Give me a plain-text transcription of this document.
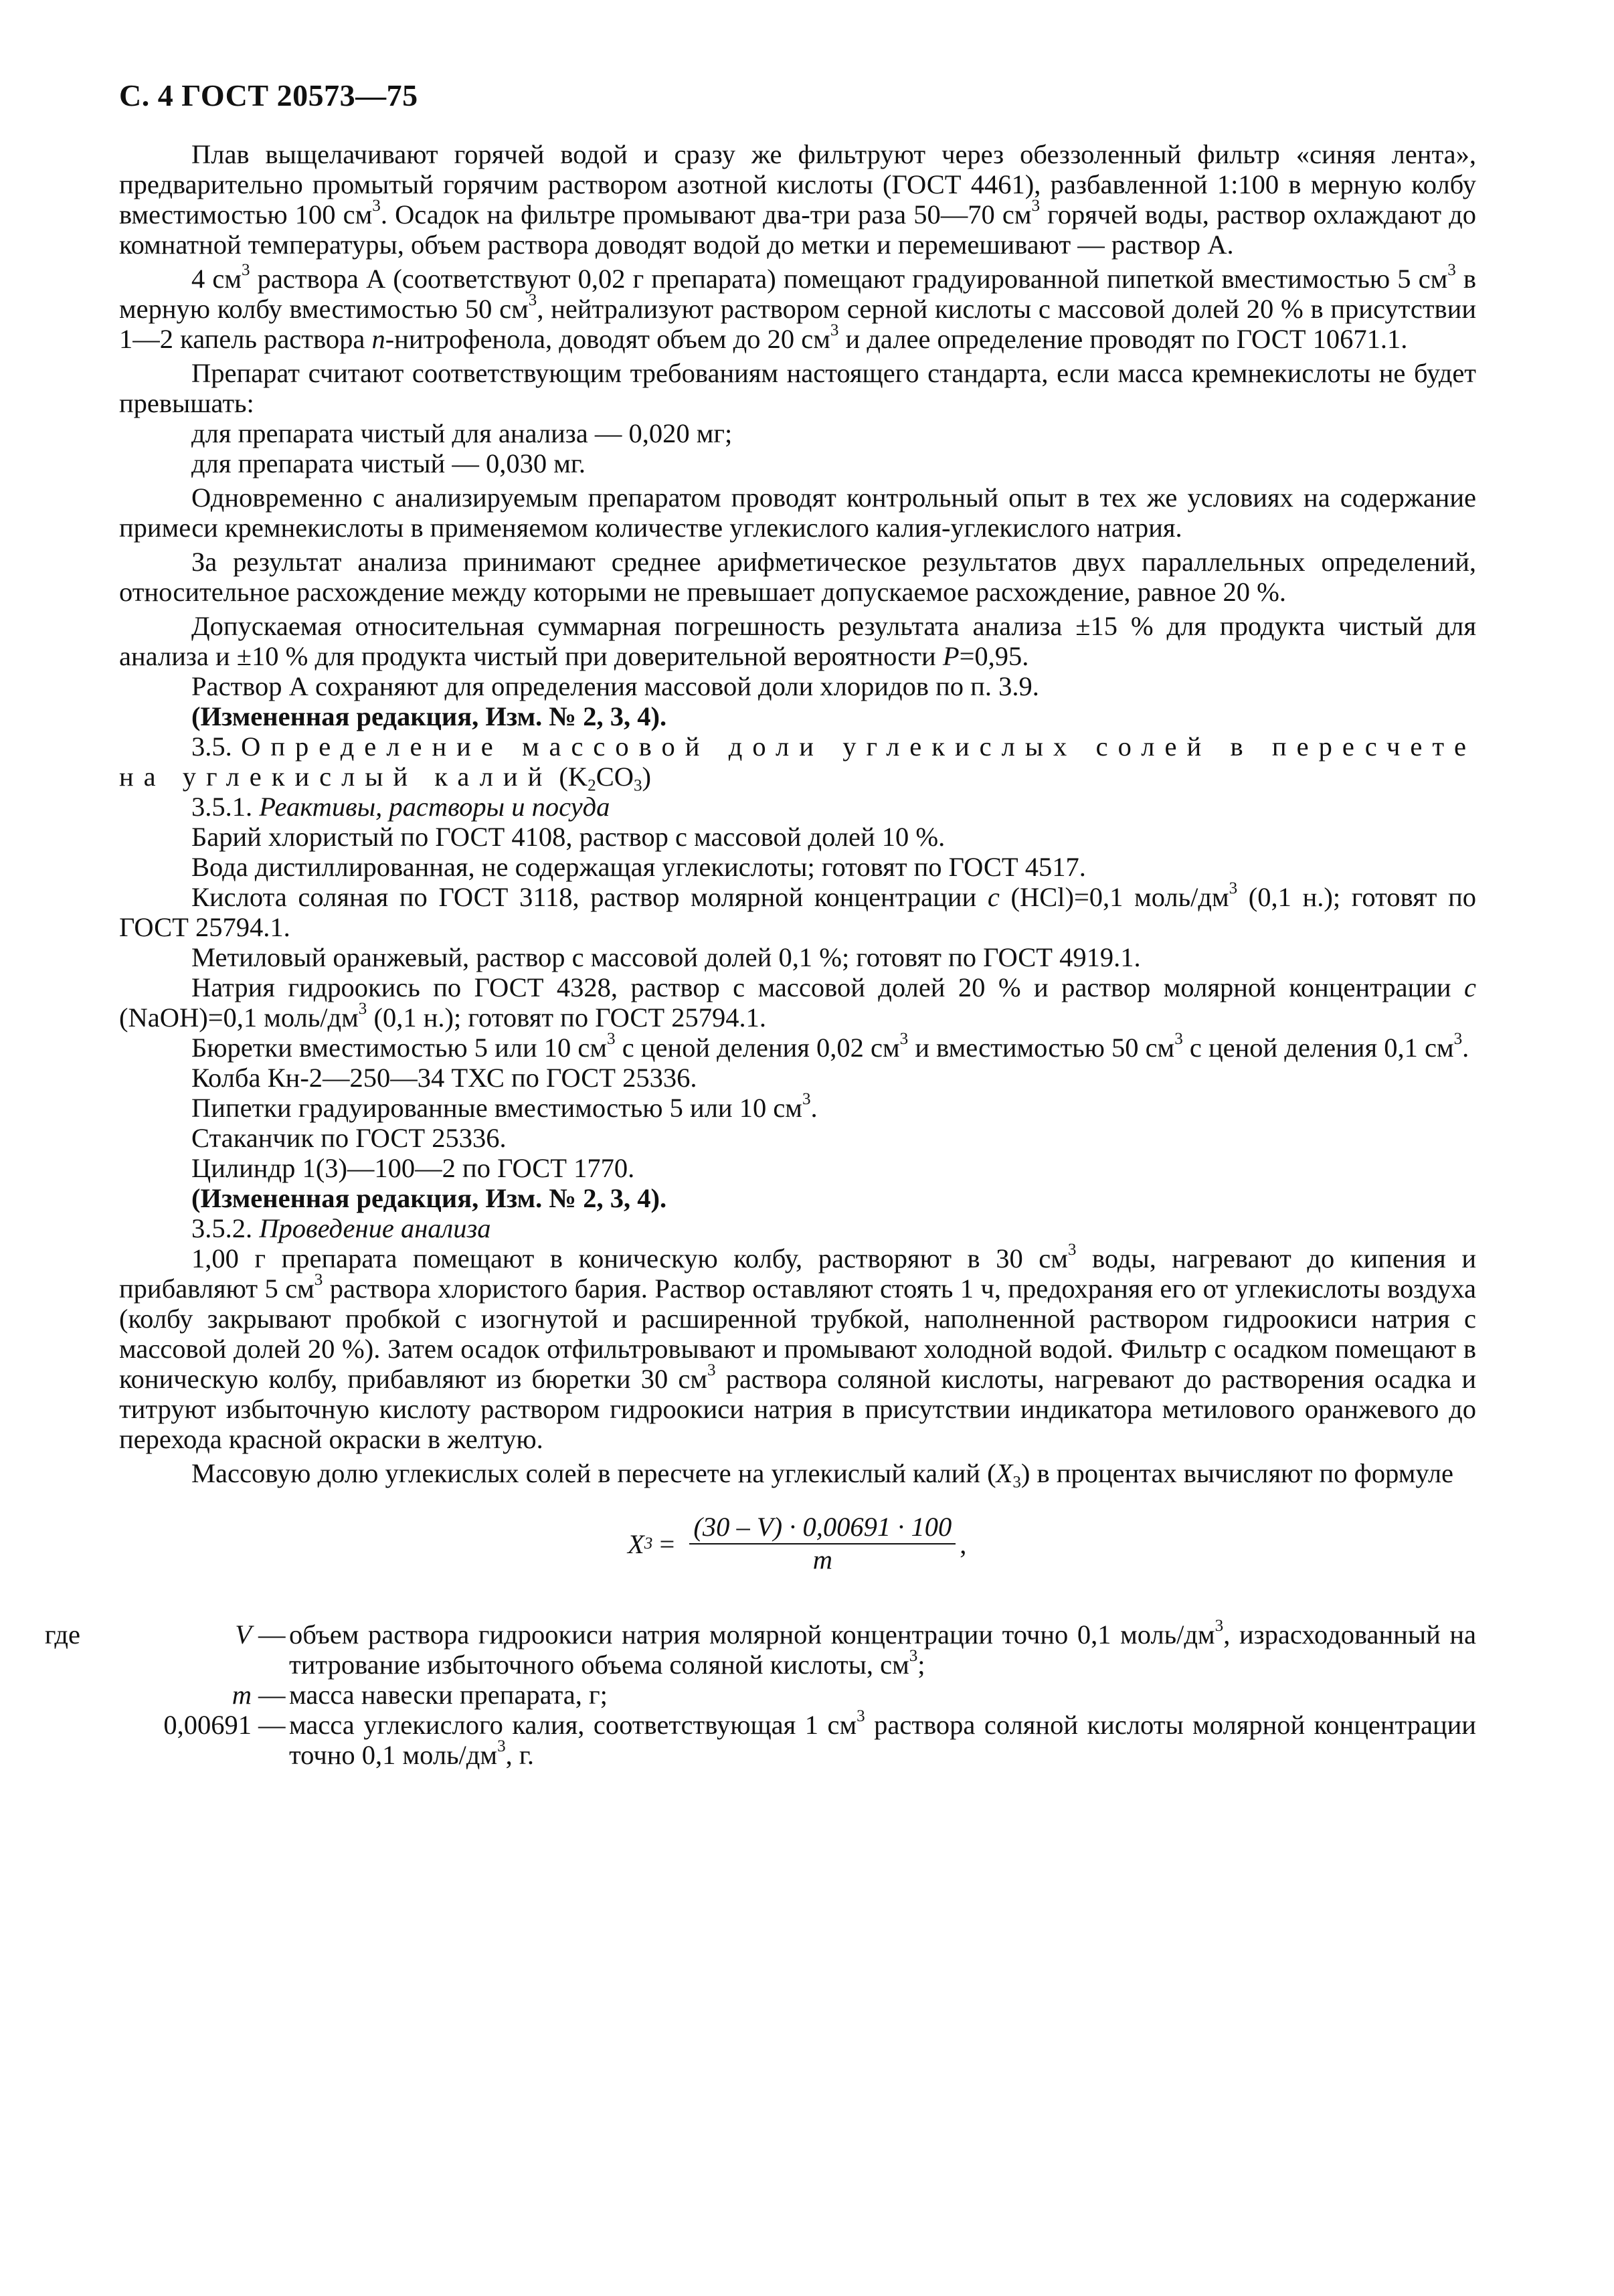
С. 4 ГОСТ 20573—75

Плав выщелачивают горячей водой и сразу же фильтруют через обеззоленный фильтр «синяя лента», предварительно промытый горячим раствором азотной кислоты (ГОСТ 4461), разбавленной 1:100 в мерную колбу вместимостью 100 $см^3$. Осадок на фильтре промывают два-три раза 50—70 $см^3$ горячей воды, раствор охлаждают до комнатной температуры, объем раствора доводят водой до метки и перемешивают — раствор А.

4 $см^3$ раствора А (соответствуют 0,02 г препарата) помещают градуированной пипеткой вместимостью 5 $см^3$ в мерную колбу вместимостью 50 $см^3$, нейтрализуют раствором серной кислоты с массовой долей 20 % в присутствии 1—2 капель раствора n-нитрофенола, доводят объем до 20 $см^3$ и далее определение проводят по ГОСТ 10671.1.

Препарат считают соответствующим требованиям настоящего стандарта, если масса кремнекислоты не будет превышать:

для препарата чистый для анализа — 0,020 мг;

для препарата чистый — 0,030 мг.

Одновременно с анализируемым препаратом проводят контрольный опыт в тех же условиях на содержание примеси кремнекислоты в применяемом количестве углекислого калия-углекислого натрия.

За результат анализа принимают среднее арифметическое результатов двух параллельных определений, относительное расхождение между которыми не превышает допускаемое расхождение, равное 20 %.

Допускаемая относительная суммарная погрешность результата анализа ±15 % для продукта чистый для анализа и ±10 % для продукта чистый при доверительной вероятности Р=0,95.

Раствор А сохраняют для определения массовой доли хлоридов по п. 3.9.

(Измененная редакция, Изм. № 2, 3, 4).

3.5. Определение массовой доли углекислых солей в пересчете на углекислый калий $(K_2CO_3)$

3.5.1. Реактивы, растворы и посуда

Барий хлористый по ГОСТ 4108, раствор с массовой долей 10 %.

Вода дистиллированная, не содержащая углекислоты; готовят по ГОСТ 4517.

Кислота соляная по ГОСТ 3118, раствор молярной концентрации с (HCl)=0,1 моль/$дм^3$ (0,1 н.); готовят по ГОСТ 25794.1.

Метиловый оранжевый, раствор с массовой долей 0,1 %; готовят по ГОСТ 4919.1.

Натрия гидроокись по ГОСТ 4328, раствор с массовой долей 20 % и раствор молярной концентрации с (NaOH)=0,1 моль/$дм^3$ (0,1 н.); готовят по ГОСТ 25794.1.

Бюретки вместимостью 5 или 10 $см^3$ с ценой деления 0,02 $см^3$ и вместимостью 50 $см^3$ с ценой деления 0,1 $см^3$.

Колба Кн-2—250—34 ТХС по ГОСТ 25336.

Пипетки градуированные вместимостью 5 или 10 $см^3$.

Стаканчик по ГОСТ 25336.

Цилиндр 1(3)—100—2 по ГОСТ 1770.

(Измененная редакция, Изм. № 2, 3, 4).

3.5.2. Проведение анализа

1,00 г препарата помещают в коническую колбу, растворяют в 30 $см^3$ воды, нагревают до кипения и прибавляют 5 $см^3$ раствора хлористого бария. Раствор оставляют стоять 1 ч, предохраняя его от углекислоты воздуха (колбу закрывают пробкой с изогнутой и расширенной трубкой, наполненной раствором гидроокиси натрия с массовой долей 20 %). Затем осадок отфильтровывают и промывают холодной водой. Фильтр с осадком помещают в коническую колбу, прибавляют из бюретки 30 $см^3$ раствора соляной кислоты, нагревают до растворения осадка и титруют избыточную кислоту раствором гидроокиси натрия в присутствии индикатора метилового оранжевого до перехода красной окраски в желтую.

Массовую долю углекислых солей в пересчете на углекислый калий $(X_3)$ в процентах вычисляют по формуле

X $3 = \frac{(30 - V) \cdot 0,00691 \cdot 100}{m}$ ,
где	V — объем раствора гидроокиси натрия молярной концентрации точно 0,1 моль/$дм^3$, израсходованный на титрование избыточного объема соляной кислоты, $см^3$;
m — масса навески препарата, г;
0,00691 — масса углекислого калия, соответствующая 1 $см^3$ раствора соляной кислоты молярной концентрации точно 0,1 моль/$дм^3$, г.
